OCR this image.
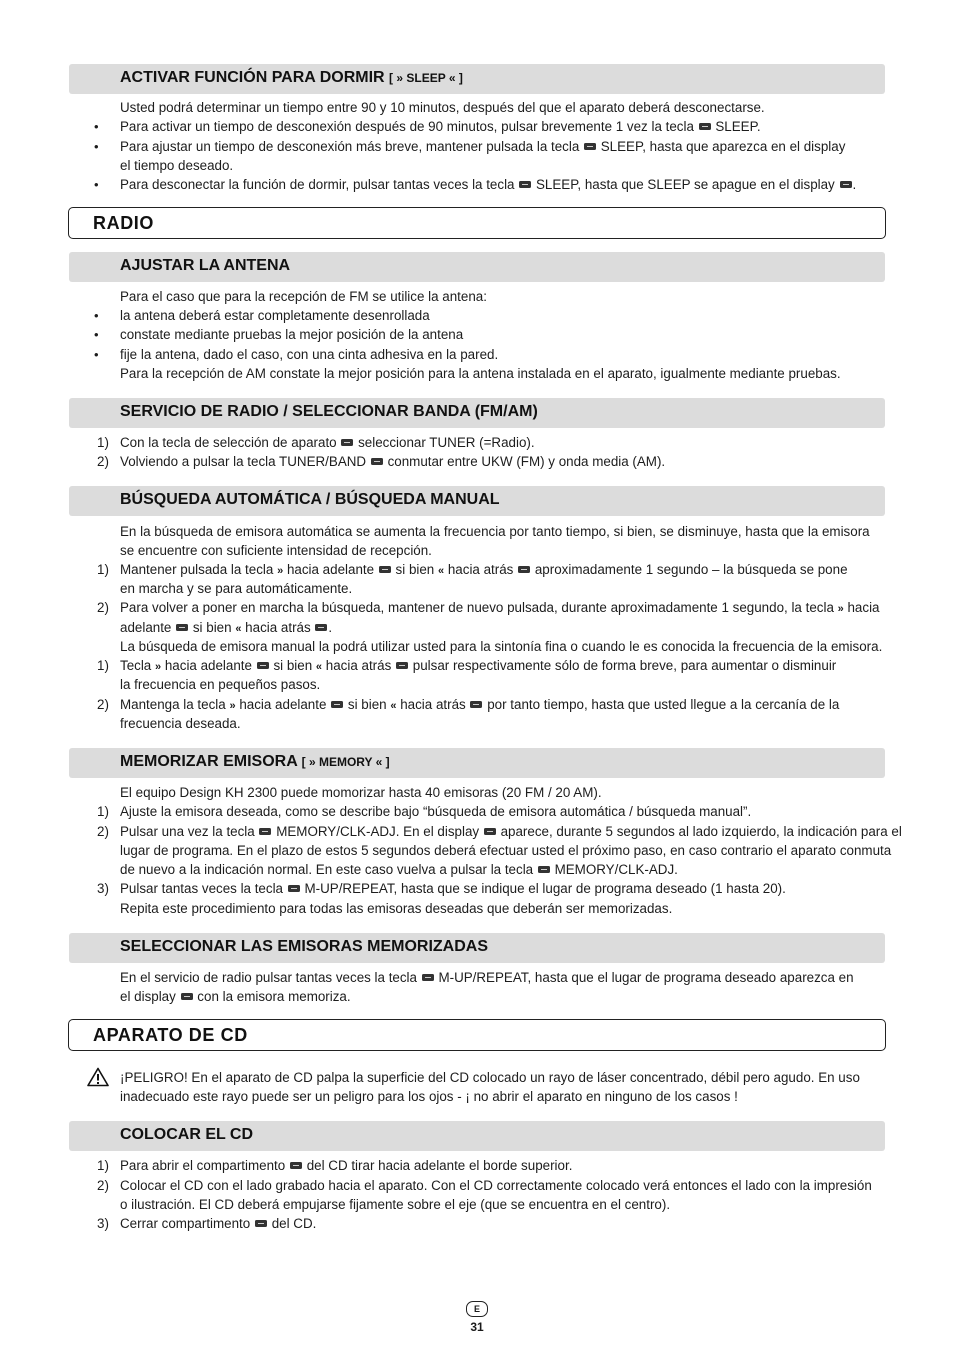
ACTIVAR FUNCIÓN PARA DORMIR [ » SLEEP « ]
Usted podrá determinar un tiempo entre 90 y 10 minutos, después del que el aparato deberá desconectarse.
• Para activar un tiempo de desconexión después de 90 minutos, pulsar brevemente 1 vez la tecla SLEEP.
• Para ajustar un tiempo de desconexión más breve, mantener pulsada la tecla SLEEP, hasta que aparezca en el display
el tiempo deseado.
• Para desconectar la función de dormir, pulsar tantas veces la tecla SLEEP, hasta que SLEEP se apague en el display .
RADIO
AJUSTAR LA ANTENA
Para el caso que para la recepción de FM se utilice la antena:
• la antena deberá estar completamente desenrollada
• constate mediante pruebas la mejor posición de la antena
• fije la antena, dado el caso, con una cinta adhesiva en la pared.
Para la recepción de AM constate la mejor posición para la antena instalada en el aparato, igualmente mediante pruebas.
SERVICIO DE RADIO / SELECCIONAR BANDA (FM/AM)
1) Con la tecla de selección de aparato seleccionar TUNER (=Radio).
2) Volviendo a pulsar la tecla TUNER/BAND conmutar entre UKW (FM) y onda media (AM).
BÚSQUEDA AUTOMÁTICA / BÚSQUEDA MANUAL
En la búsqueda de emisora automática se aumenta la frecuencia por tanto tiempo, si bien, se disminuye, hasta que la emisora
se encuentre con suficiente intensidad de recepción.
1) Mantener pulsada la tecla » hacia adelante si bien « hacia atrás aproximadamente 1 segundo – la búsqueda se pone
en marcha y se para automáticamente.
2) Para volver a poner en marcha la búsqueda, mantener de nuevo pulsada, durante aproximadamente 1 segundo, la tecla » hacia
adelante si bien « hacia atrás .
La búsqueda de emisora manual la podrá utilizar usted para la sintonía fina o cuando le es conocida la frecuencia de la emisora.
1) Tecla » hacia adelante si bien « hacia atrás pulsar respectivamente sólo de forma breve, para aumentar o disminuir
la frecuencia en pequeños pasos.
2) Mantenga la tecla » hacia adelante si bien « hacia atrás por tanto tiempo, hasta que usted llegue a la cercanía de la
frecuencia deseada.
MEMORIZAR EMISORA [ » MEMORY « ]
El equipo Design KH 2300 puede momorizar hasta 40 emisoras (20 FM / 20 AM).
1) Ajuste la emisora deseada, como se describe bajo “búsqueda de emisora automática / búsqueda manual”.
2) Pulsar una vez la tecla MEMORY/CLK-ADJ. En el display aparece, durante 5 segundos al lado izquierdo, la indicación para el
lugar de programa. En el plazo de estos 5 segundos deberá efectuar usted el próximo paso, en caso contrario el aparato conmuta
de nuevo a la indicación normal. En este caso vuelva a pulsar la tecla MEMORY/CLK-ADJ.
3) Pulsar tantas veces la tecla M-UP/REPEAT, hasta que se indique el lugar de programa deseado (1 hasta 20).
Repita este procedimiento para todas las emisoras deseadas que deberán ser memorizadas.
SELECCIONAR LAS EMISORAS MEMORIZADAS
En el servicio de radio pulsar tantas veces la tecla M-UP/REPEAT, hasta que el lugar de programa deseado aparezca en
el display con la emisora memoriza.
APARATO DE CD
¡PELIGRO! En el aparato de CD palpa la superficie del CD colocado un rayo de láser concentrado, débil pero agudo. En uso
inadecuado este rayo puede ser un peligro para los ojos - ¡ no abrir el aparato en ninguno de los casos !
COLOCAR EL CD
1) Para abrir el compartimento del CD tirar hacia adelante el borde superior.
2) Colocar el CD con el lado grabado hacia el aparato. Con el CD correctamente colocado verá entonces el lado con la impresión
o ilustración. El CD deberá empujarse fijamente sobre el eje (que se encuentra en el centro).
3) Cerrar compartimento del CD.
E
31
